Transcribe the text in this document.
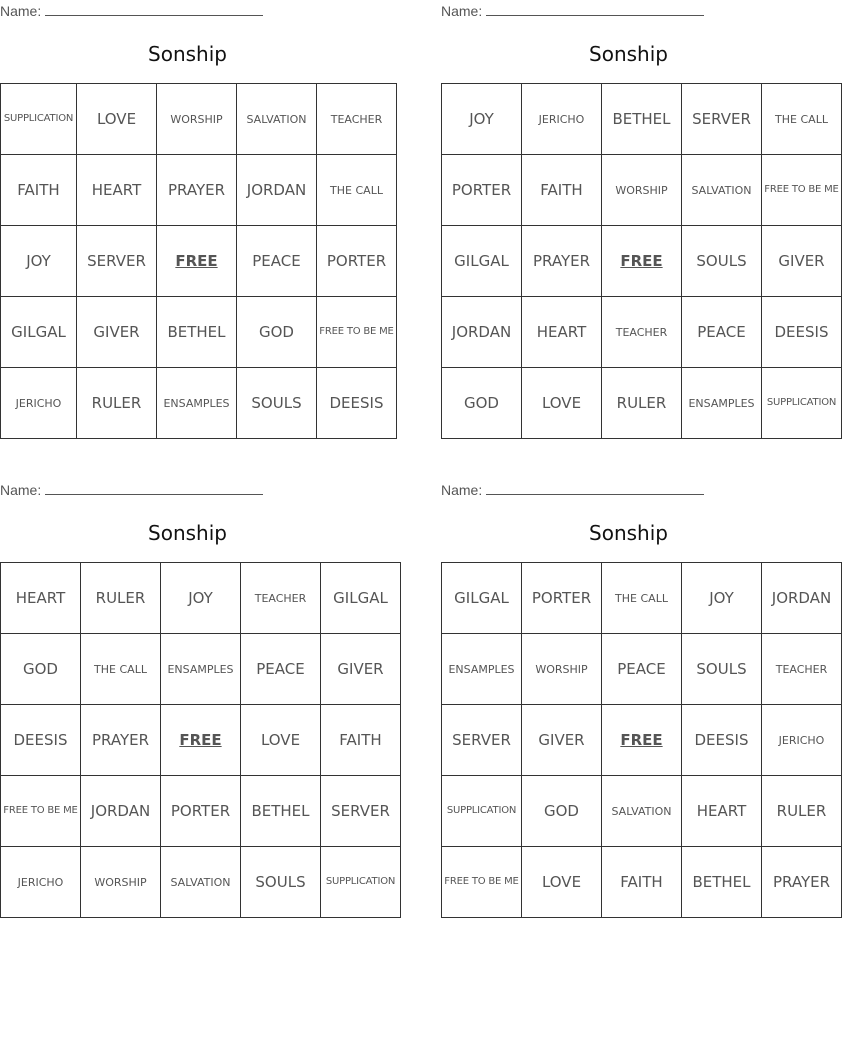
Name:
Sonship
SUPPLICATION	LOVE	WORSHIP	SALVATION	TEACHER
FAITH	HEART	PRAYER	JORDAN	THE CALL
JOY	SERVER	FREE	PEACE	PORTER
GILGAL	GIVER	BETHEL	GOD	FREE TO BE ME
JERICHO	RULER	ENSAMPLES	SOULS	DEESIS
Name:
Sonship
JOY	JERICHO	BETHEL	SERVER	THE CALL
PORTER	FAITH	WORSHIP	SALVATION	FREE TO BE ME
GILGAL	PRAYER	FREE	SOULS	GIVER
JORDAN	HEART	TEACHER	PEACE	DEESIS
GOD	LOVE	RULER	ENSAMPLES	SUPPLICATION
Name:
Sonship
HEART	RULER	JOY	TEACHER	GILGAL
GOD	THE CALL	ENSAMPLES	PEACE	GIVER
DEESIS	PRAYER	FREE	LOVE	FAITH
FREE TO BE ME	JORDAN	PORTER	BETHEL	SERVER
JERICHO	WORSHIP	SALVATION	SOULS	SUPPLICATION
Name:
Sonship
GILGAL	PORTER	THE CALL	JOY	JORDAN
ENSAMPLES	WORSHIP	PEACE	SOULS	TEACHER
SERVER	GIVER	FREE	DEESIS	JERICHO
SUPPLICATION	GOD	SALVATION	HEART	RULER
FREE TO BE ME	LOVE	FAITH	BETHEL	PRAYER
